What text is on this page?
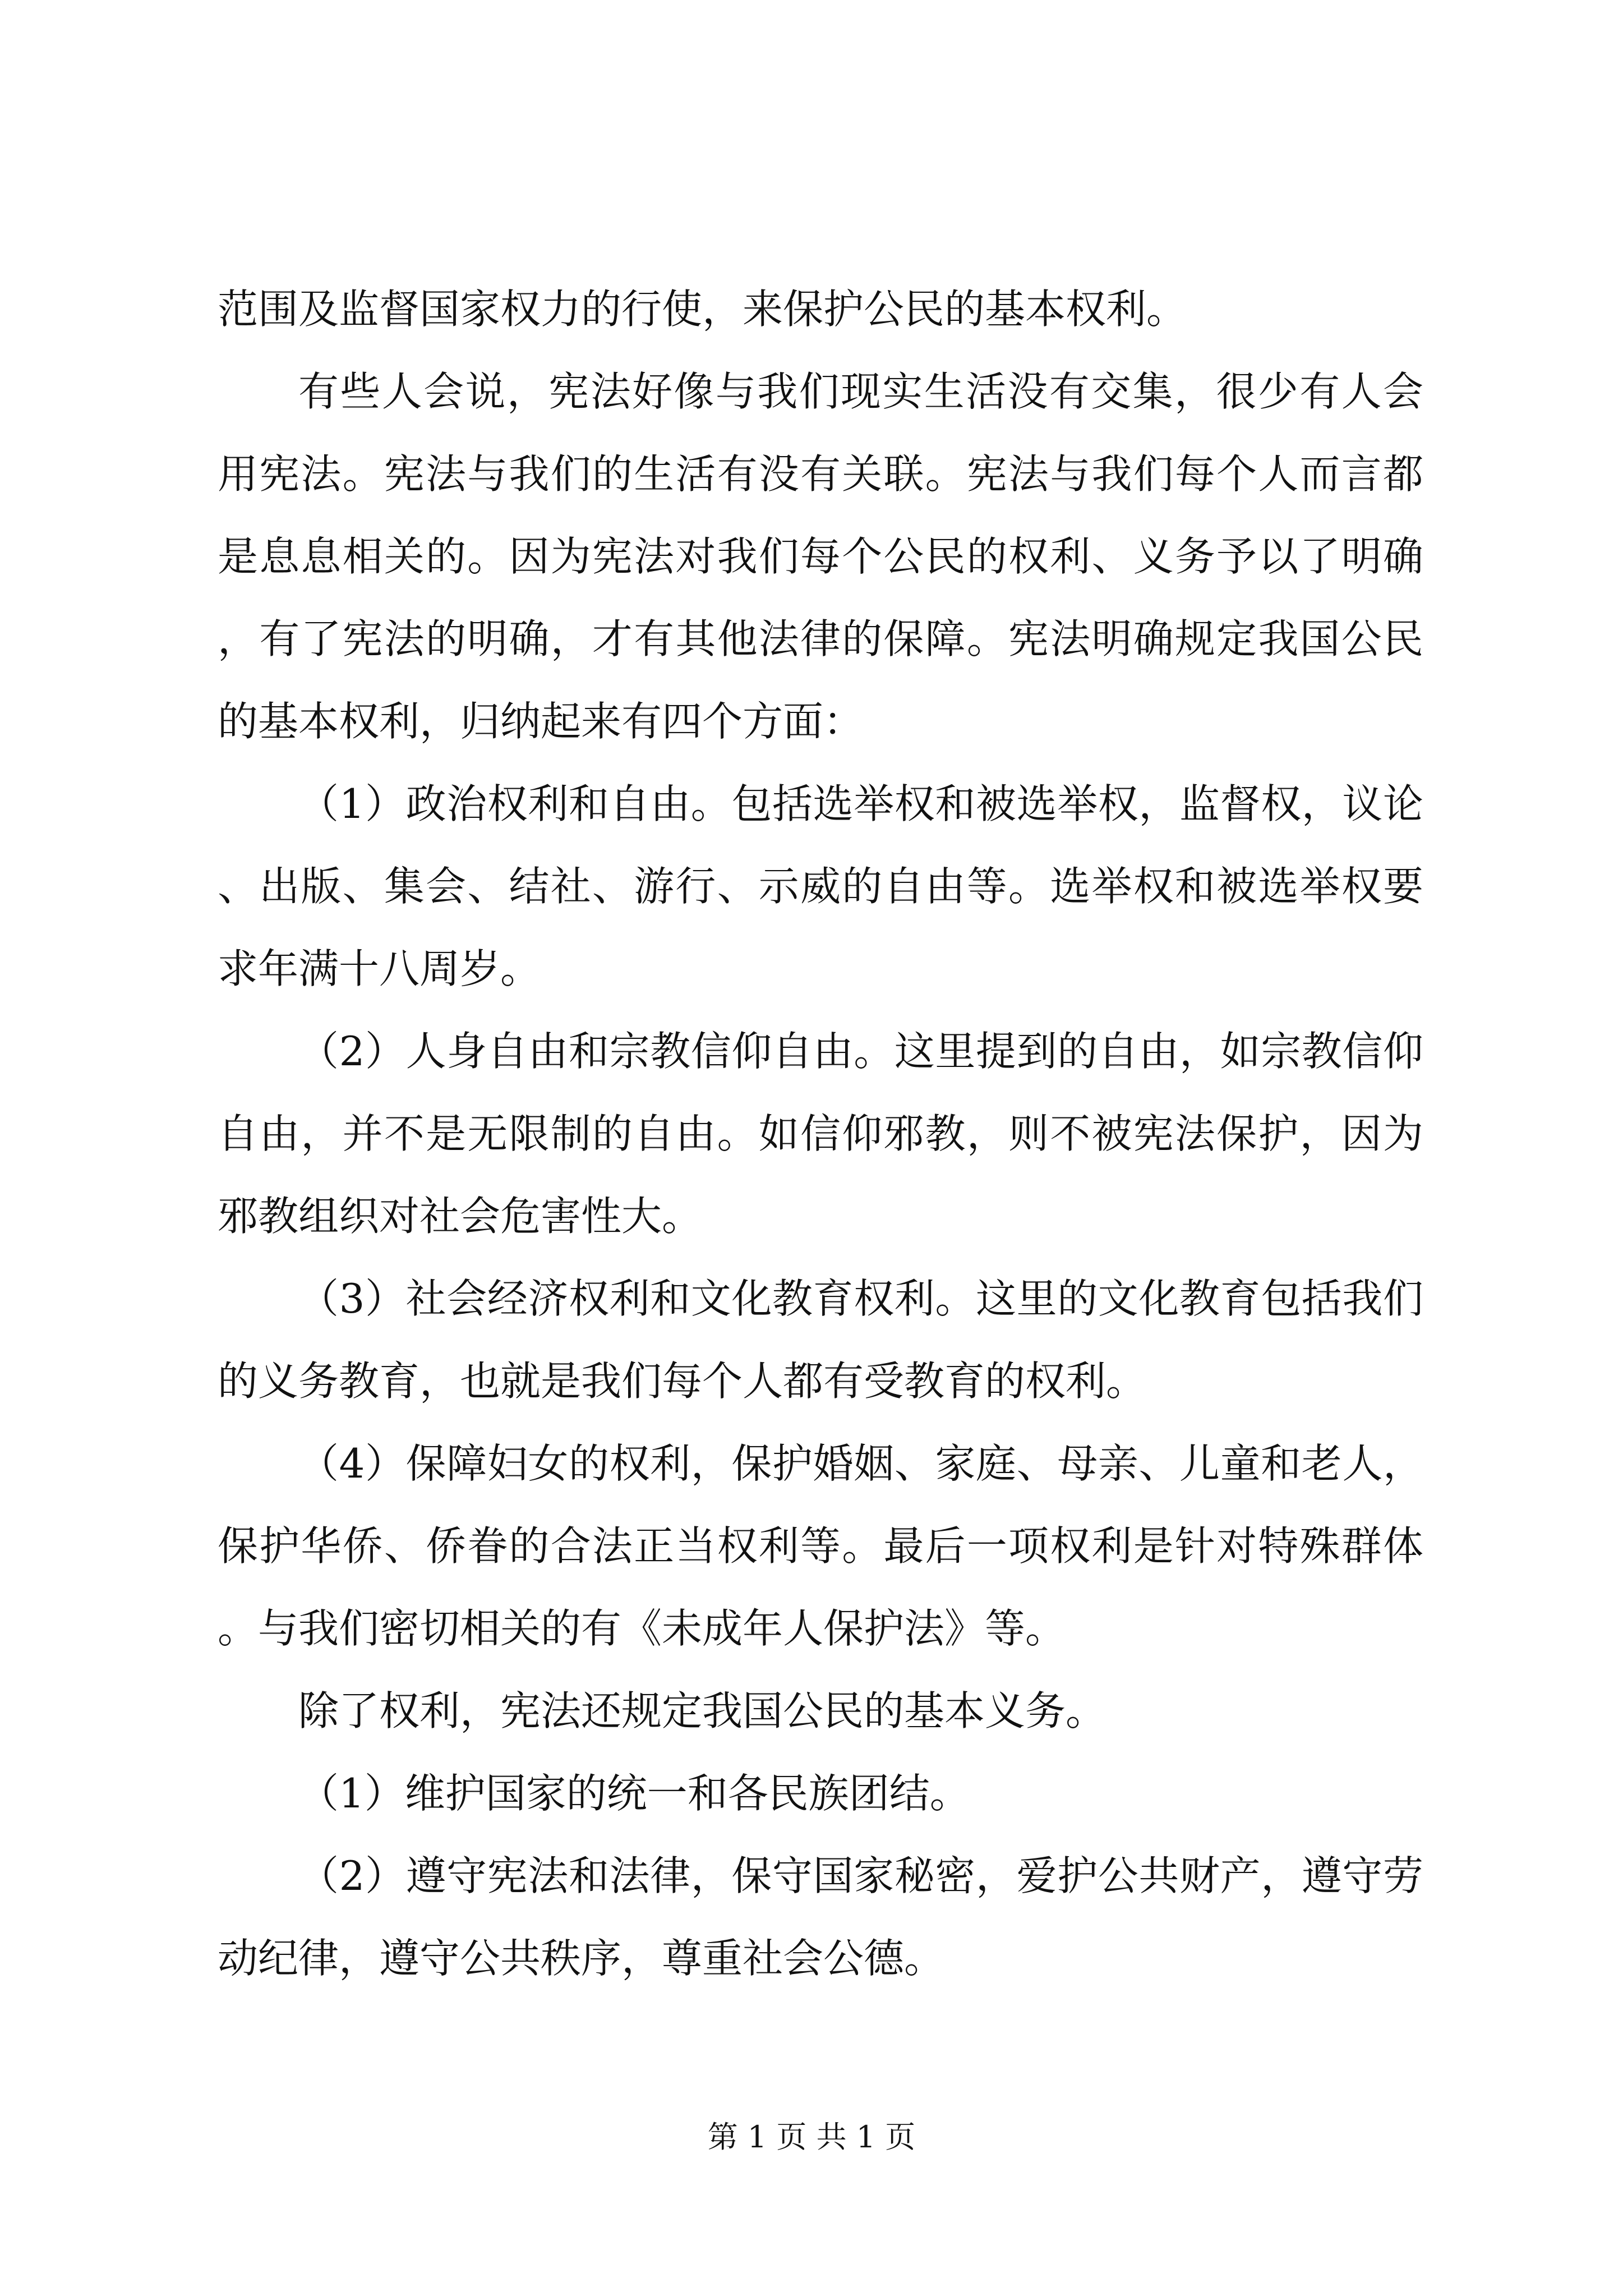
范围及监督国家权力的行使，来保护公民的基本权利。

有些人会说，宪法好像与我们现实生活没有交集，很少有人会用宪法。宪法与我们的生活有没有关联。宪法与我们每个人而言都是息息相关的。因为宪法对我们每个公民的权利、义务予以了明确，有了宪法的明确，才有其他法律的保障。宪法明确规定我国公民的基本权利，归纳起来有四个方面：

（1）政治权利和自由。包括选举权和被选举权，监督权，议论、出版、集会、结社、游行、示威的自由等。选举权和被选举权要求年满十八周岁。

（2）人身自由和宗教信仰自由。这里提到的自由，如宗教信仰自由，并不是无限制的自由。如信仰邪教，则不被宪法保护，因为邪教组织对社会危害性大。

（3）社会经济权利和文化教育权利。这里的文化教育包括我们的义务教育，也就是我们每个人都有受教育的权利。

（4）保障妇女的权利，保护婚姻、家庭、母亲、儿童和老人，保护华侨、侨眷的合法正当权利等。最后一项权利是针对特殊群体。与我们密切相关的有《未成年人保护法》等。

除了权利，宪法还规定我国公民的基本义务。

（1）维护国家的统一和各民族团结。

（2）遵守宪法和法律，保守国家秘密，爱护公共财产，遵守劳动纪律，遵守公共秩序，尊重社会公德。

第 1 页 共 1 页
